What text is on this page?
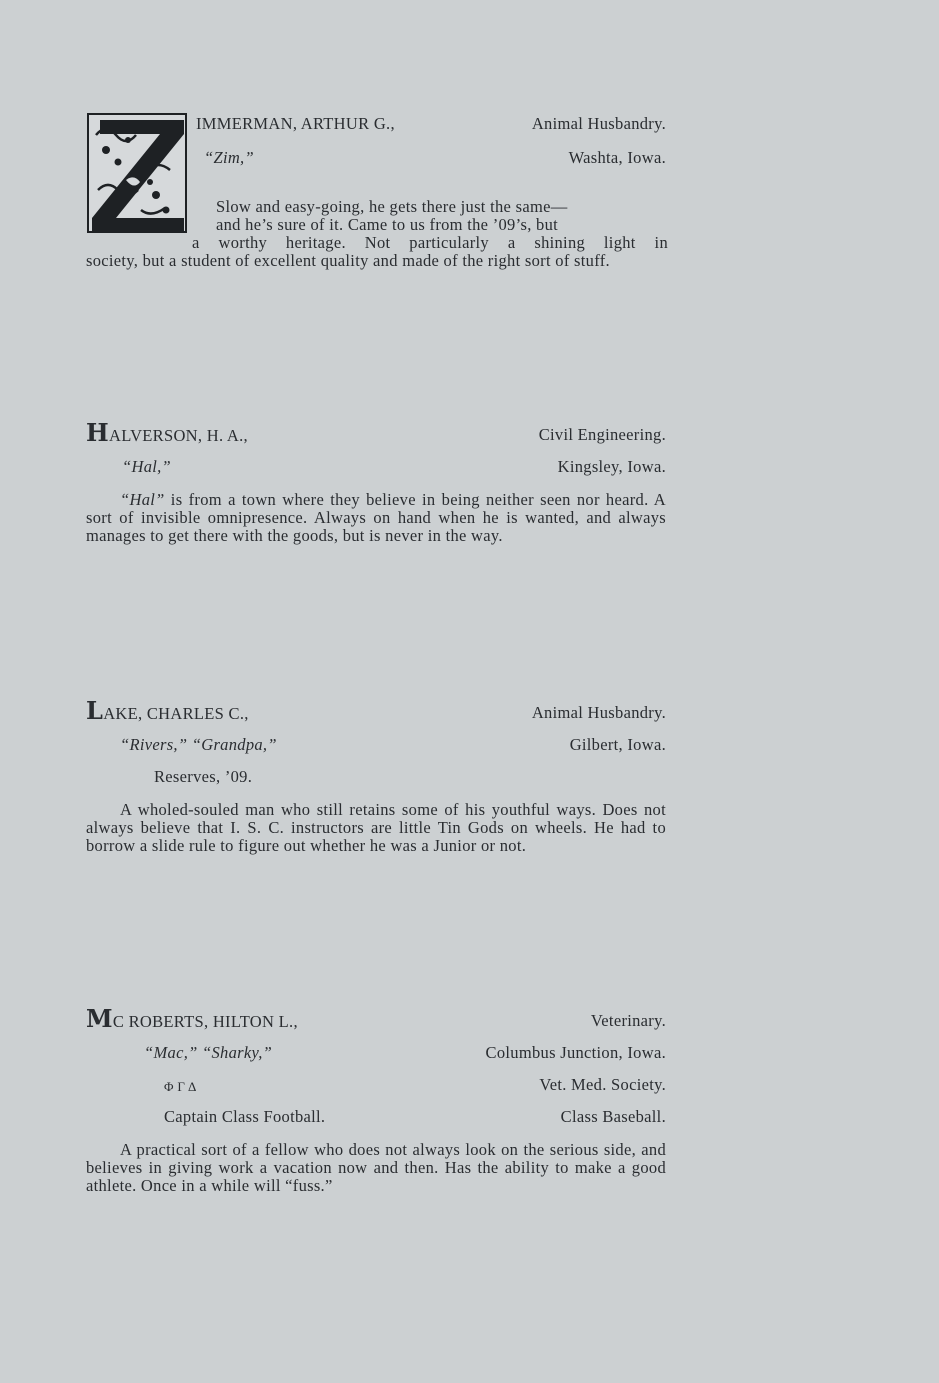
IMMERMAN, ARTHUR G.,	Animal Husbandry.
“Zim,”	Washta, Iowa.
Slow and easy-going, he gets there just the same—
and he’s sure of it. Came to us from the ’09’s, but
a worthy heritage. Not particularly a shining light in
society, but a student of excellent quality and made of the right sort of stuff.
HALVERSON, H. A.,	Civil Engineering.
“Hal,”	Kingsley, Iowa.
“Hal” is from a town where they believe in being neither seen nor heard. A sort of invisible omnipresence. Always on hand when he is wanted, and always manages to get there with the goods, but is never in the way.
LAKE, CHARLES C.,	Animal Husbandry.
“Rivers,” “Grandpa,”	Gilbert, Iowa.
Reserves, ’09.
A wholed-souled man who still retains some of his youthful ways. Does not always believe that I. S. C. instructors are little Tin Gods on wheels. He had to borrow a slide rule to figure out whether he was a Junior or not.
MC ROBERTS, HILTON L.,	Veterinary.
“Mac,” “Sharky,”	Columbus Junction, Iowa.
Φ Γ Δ	Vet. Med. Society.
Captain Class Football.	Class Baseball.
A practical sort of a fellow who does not always look on the serious side, and believes in giving work a vacation now and then. Has the ability to make a good athlete. Once in a while will “fuss.”
